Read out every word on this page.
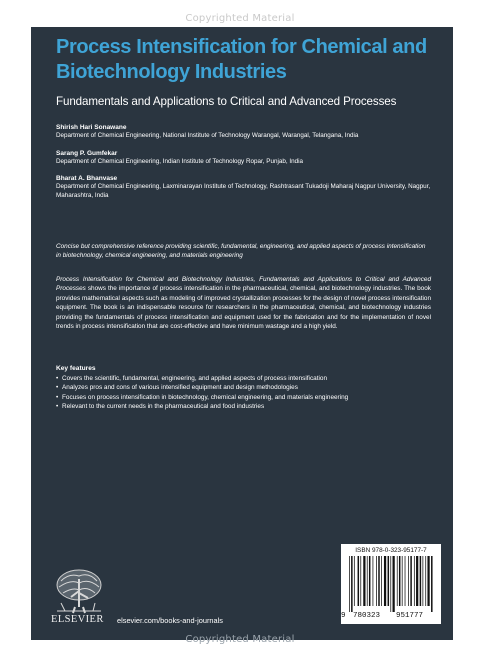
Copyrighted Material
Process Intensification for Chemical and Biotechnology Industries
Fundamentals and Applications to Critical and Advanced Processes
Shirish Hari Sonawane
Department of Chemical Engineering, National Institute of Technology Warangal, Warangal, Telangana, India
Sarang P. Gumfekar
Department of Chemical Engineering, Indian Institute of Technology Ropar, Punjab, India
Bharat A. Bhanvase
Department of Chemical Engineering, Laxminarayan Institute of Technology, Rashtrasant Tukadoji Maharaj Nagpur University, Nagpur, Maharashtra, India
Concise but comprehensive reference providing scientific, fundamental, engineering, and applied aspects of process intensification in biotechnology, chemical engineering, and materials engineering
Process Intensification for Chemical and Biotechnology Industries, Fundamentals and Applications to Critical and Advanced Processes shows the importance of process intensification in the pharmaceutical, chemical, and biotechnology industries. The book provides mathematical aspects such as modeling of improved crystallization processes for the design of novel process intensification equipment. The book is an indispensable resource for researchers in the pharmaceutical, chemical, and biotechnology industries providing the fundamentals of process intensification and equipment used for the fabrication and for the implementation of novel trends in process intensification that are cost-effective and have minimum wastage and a high yield.
Key features
• Covers the scientific, fundamental, engineering, and applied aspects of process intensification
• Analyzes pros and cons of various intensified equipment and design methodologies
• Focuses on process intensification in biotechnology, chemical engineering, and materials engineering
• Relevant to the current needs in the pharmaceutical and food industries
ELSEVIER elsevier.com/books-and-journals
ISBN 978-0-323-95177-7
9 780323 951777
Copyrighted Material
